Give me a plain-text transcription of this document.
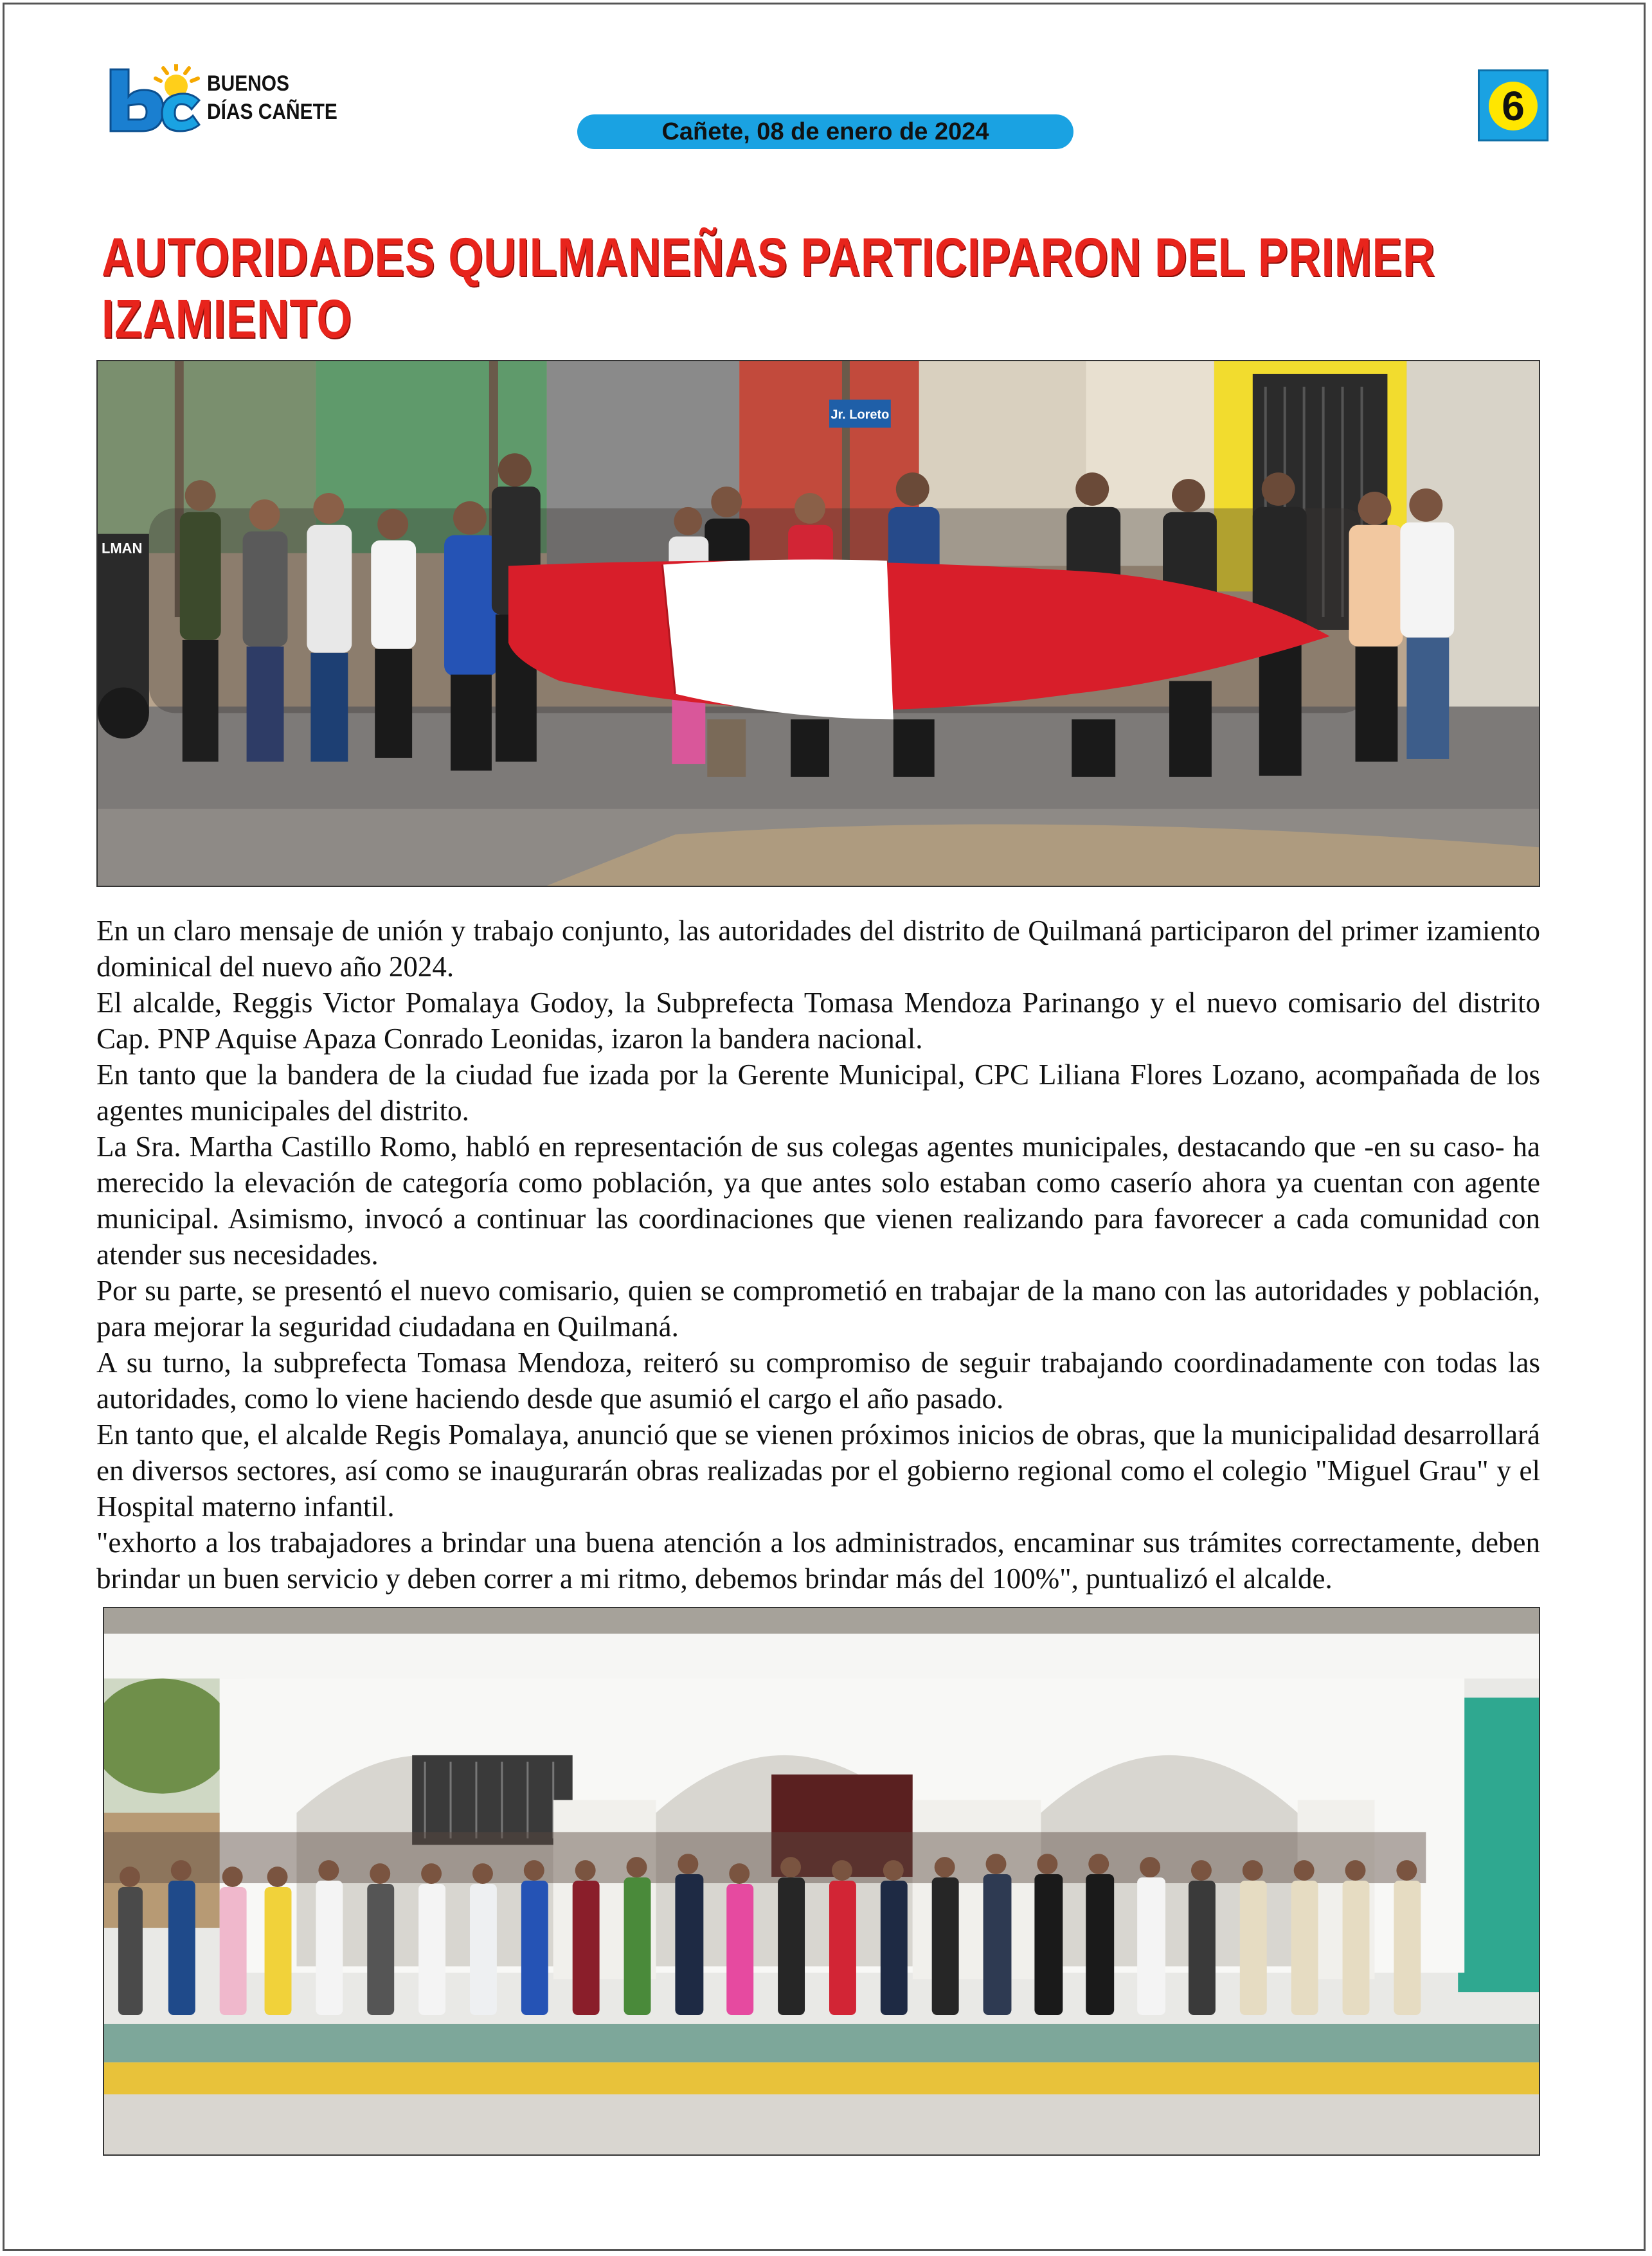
BUENOS
DÍAS CAÑETE
Cañete, 08 de enero de 2024
6
AUTORIDADES QUILMANEÑAS PARTICIPARON DEL PRIMER IZAMIENTO
Jr. Loreto
LMAN

En un claro mensaje de unión y trabajo conjunto, las autoridades del distrito de Quilmaná participaron del primer izamiento dominical del nuevo año 2024.

El alcalde, Reggis Victor Pomalaya Godoy, la Subprefecta Tomasa Mendoza Parinango y el nuevo comisario del distrito Cap. PNP Aquise Apaza Conrado Leonidas, izaron la bandera nacional.

En tanto que la bandera de la ciudad fue izada por la Gerente Municipal, CPC Liliana Flores Lozano, acompañada de los agentes municipales del distrito.

La Sra. Martha Castillo Romo, habló en representación de sus colegas agentes municipales, destacando que -en su caso- ha merecido la elevación de categoría como población, ya que antes solo estaban como caserío ahora ya cuentan con agente municipal. Asimismo, invocó a continuar las coordinaciones que vienen realizando para favorecer a cada comunidad con atender sus necesidades.

Por su parte, se presentó el nuevo comisario, quien se comprometió en trabajar de la mano con las autoridades y población, para mejorar la seguridad ciudadana en Quilmaná.

A su turno, la subprefecta Tomasa Mendoza, reiteró su compromiso de seguir trabajando coordinadamente con todas las autoridades, como lo viene haciendo desde que asumió el cargo el año pasado.

En tanto que, el alcalde Regis Pomalaya, anunció que se vienen próximos inicios de obras, que la municipalidad desarrollará en diversos sectores, así como se inaugurarán obras realizadas por el gobierno regional como el colegio "Miguel Grau" y el Hospital materno infantil.

"exhorto a los trabajadores a brindar una buena atención a los administrados, encaminar sus trámites correctamente, deben brindar un buen servicio y deben correr a mi ritmo, debemos brindar más del 100%", puntualizó el alcalde.
